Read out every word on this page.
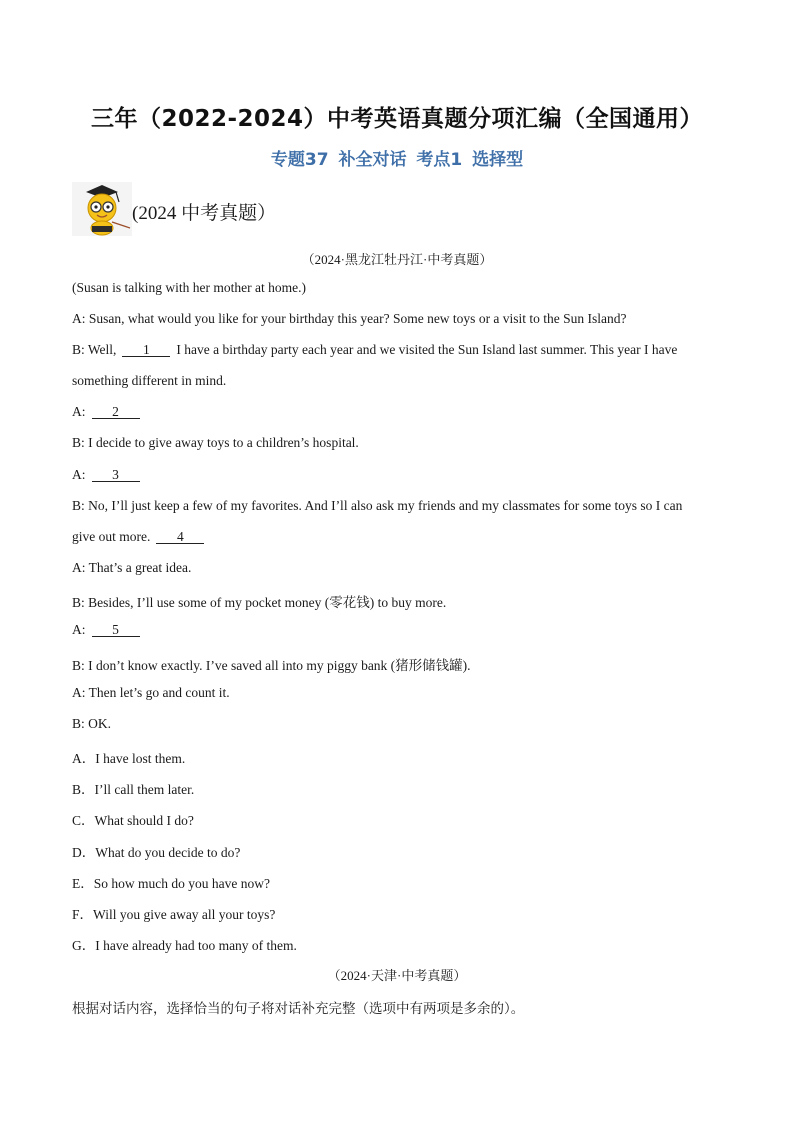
三年（2022-2024）中考英语真题分项汇编（全国通用）
专题37 补全对话 考点1 选择型
(2024 中考真题）
（2024·黑龙江牡丹江·中考真题）
(Susan is talking with her mother at home.)
A: Susan, what would you like for your birthday this year? Some new toys or a visit to the Sun Island?
B: Well, 1 I have a birthday party each year and we visited the Sun Island last summer. This year I have
something different in mind.
A: 2
B: I decide to give away toys to a children’s hospital.
A: 3
B: No, I’ll just keep a few of my favorites. And I’ll also ask my friends and my classmates for some toys so I can
give out more. 4
A: That’s a great idea.
B: Besides, I’ll use some of my pocket money (零花钱) to buy more.
A: 5
B: I don’t know exactly. I’ve saved all into my piggy bank (猪形储钱罐).
A: Then let’s go and count it.
B: OK.
A．I have lost them.
B．I’ll call them later.
C．What should I do?
D．What do you decide to do?
E．So how much do you have now?
F．Will you give away all your toys?
G．I have already had too many of them.
（2024·天津·中考真题）
根据对话内容，选择恰当的句子将对话补充完整（选项中有两项是多余的）。
